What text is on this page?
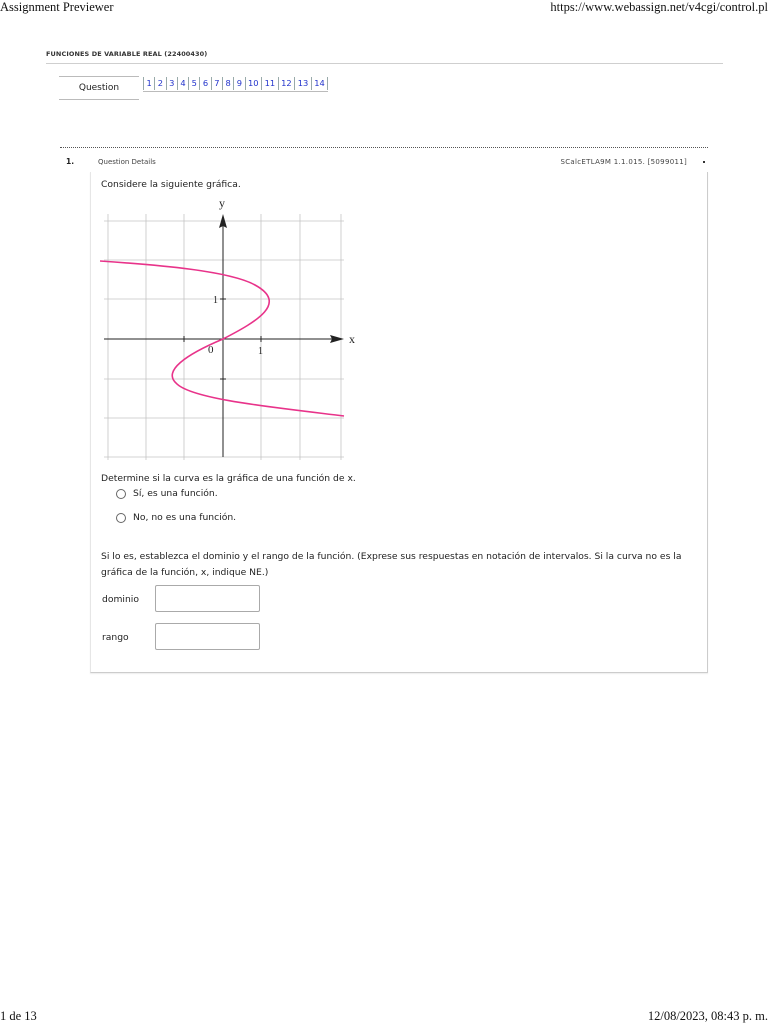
Assignment Previewer	https://www.webassign.net/v4cgi/control.pl
FUNCIONES DE VARIABLE REAL (22400430)
Question	1 2 3 4 5 6 7 8 9 10 11 12 13 14
1.	Question Details	SCalcETLA9M 1.1.015. [5099011]
Considere la siguiente gráfica.
y
x
0	1
1
Determine si la curva es la gráfica de una función de x.
Sí, es una función.
No, no es una función.
Si lo es, establezca el dominio y el rango de la función. (Exprese sus respuestas en notación de intervalos. Si la curva no es la gráfica de la función, x, indique NE.)
dominio
rango
1 de 13	12/08/2023, 08:43 p. m.
